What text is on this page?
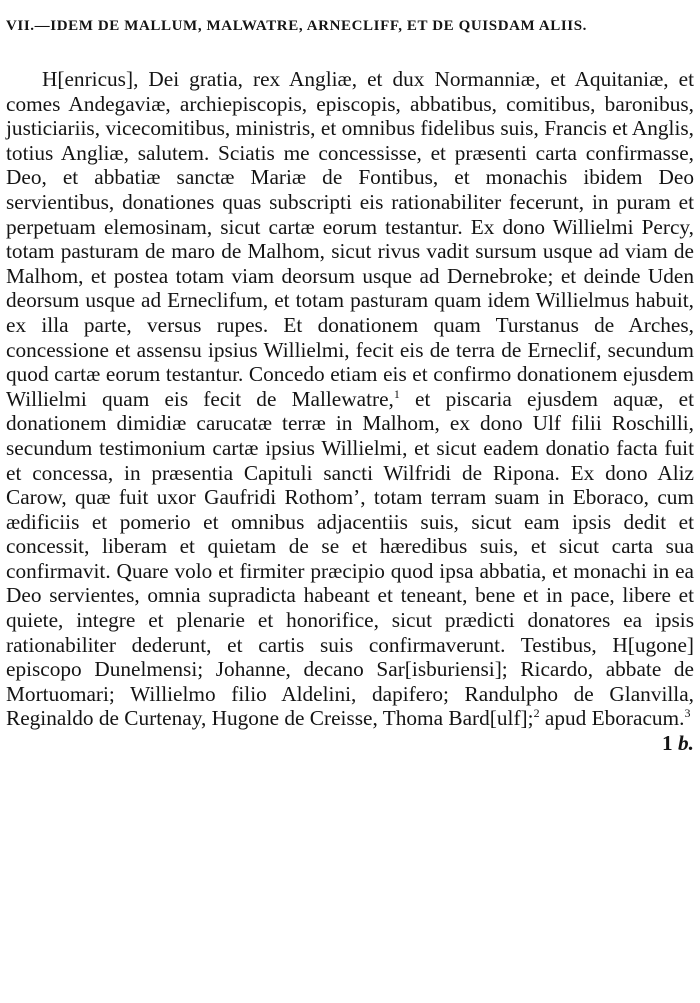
VII.—IDEM DE MALLUM, MALWATRE, ARNECLIFF, ET DE QUISDAM ALIIS.

H[enricus], Dei gratia, rex Angliæ, et dux Normanniæ, et Aquitaniæ, et comes Andegaviæ, archiepiscopis, episcopis, abbatibus, comitibus, baronibus, justiciariis, vicecomitibus, ministris, et omnibus fidelibus suis, Francis et Anglis, totius Angliæ, salutem. Sciatis me concessisse, et præsenti carta confirmasse, Deo, et abbatiæ sanctæ Mariæ de Fontibus, et monachis ibidem Deo servientibus, donationes quas subscripti eis rationabiliter fecerunt, in puram et perpetuam elemosinam, sicut cartæ eorum testantur. Ex dono Willielmi Percy, totam pasturam de maro de Malhom, sicut rivus vadit sursum usque ad viam de Malhom, et postea totam viam deorsum usque ad Dernebroke; et deinde Uden deorsum usque ad Erneclifum, et totam pasturam quam idem Willielmus habuit, ex illa parte, versus rupes. Et donationem quam Turstanus de Arches, concessione et assensu ipsius Willielmi, fecit eis de terra de Erneclif, secundum quod cartæ eorum testantur. Concedo etiam eis et confirmo donationem ejusdem Willielmi quam eis fecit de Mallewatre,$^1$ et piscaria ejusdem aquæ, et donationem dimidiæ carucatæ terræ in Malhom, ex dono Ulf filii Roschilli, secundum testimonium cartæ ipsius Willielmi, et sicut eadem donatio facta fuit et concessa, in præsentia Capituli sancti Wilfridi de Ripona. Ex dono Aliz Carow, quæ fuit uxor Gaufridi Rothom’, totam terram suam in Eboraco, cum ædificiis et pomerio et omnibus adjacentiis suis, sicut eam ipsis dedit et concessit, liberam et quietam de se et hæredibus suis, et sicut carta sua confirmavit. Quare volo et firmiter præcipio quod ipsa abbatia, et monachi in ea Deo servientes, omnia supradicta habeant et teneant, bene et in pace, libere et quiete, integre et plenarie et honorifice, sicut prædicti donatores ea ipsis rationabiliter dederunt, et cartis suis confirmaverunt. Testibus, H[ugone] episcopo Dunelmensi; Johanne, decano Sar[isburiensi]; Ricardo, abbate de Mortuomari; Willielmo filio Aldelini, dapifero; Randulpho de Glanvilla, Reginaldo de Curtenay, Hugone de Creisse, Thoma Bard[ulf];$^2$ apud Eboracum.$^3$
1 b.
